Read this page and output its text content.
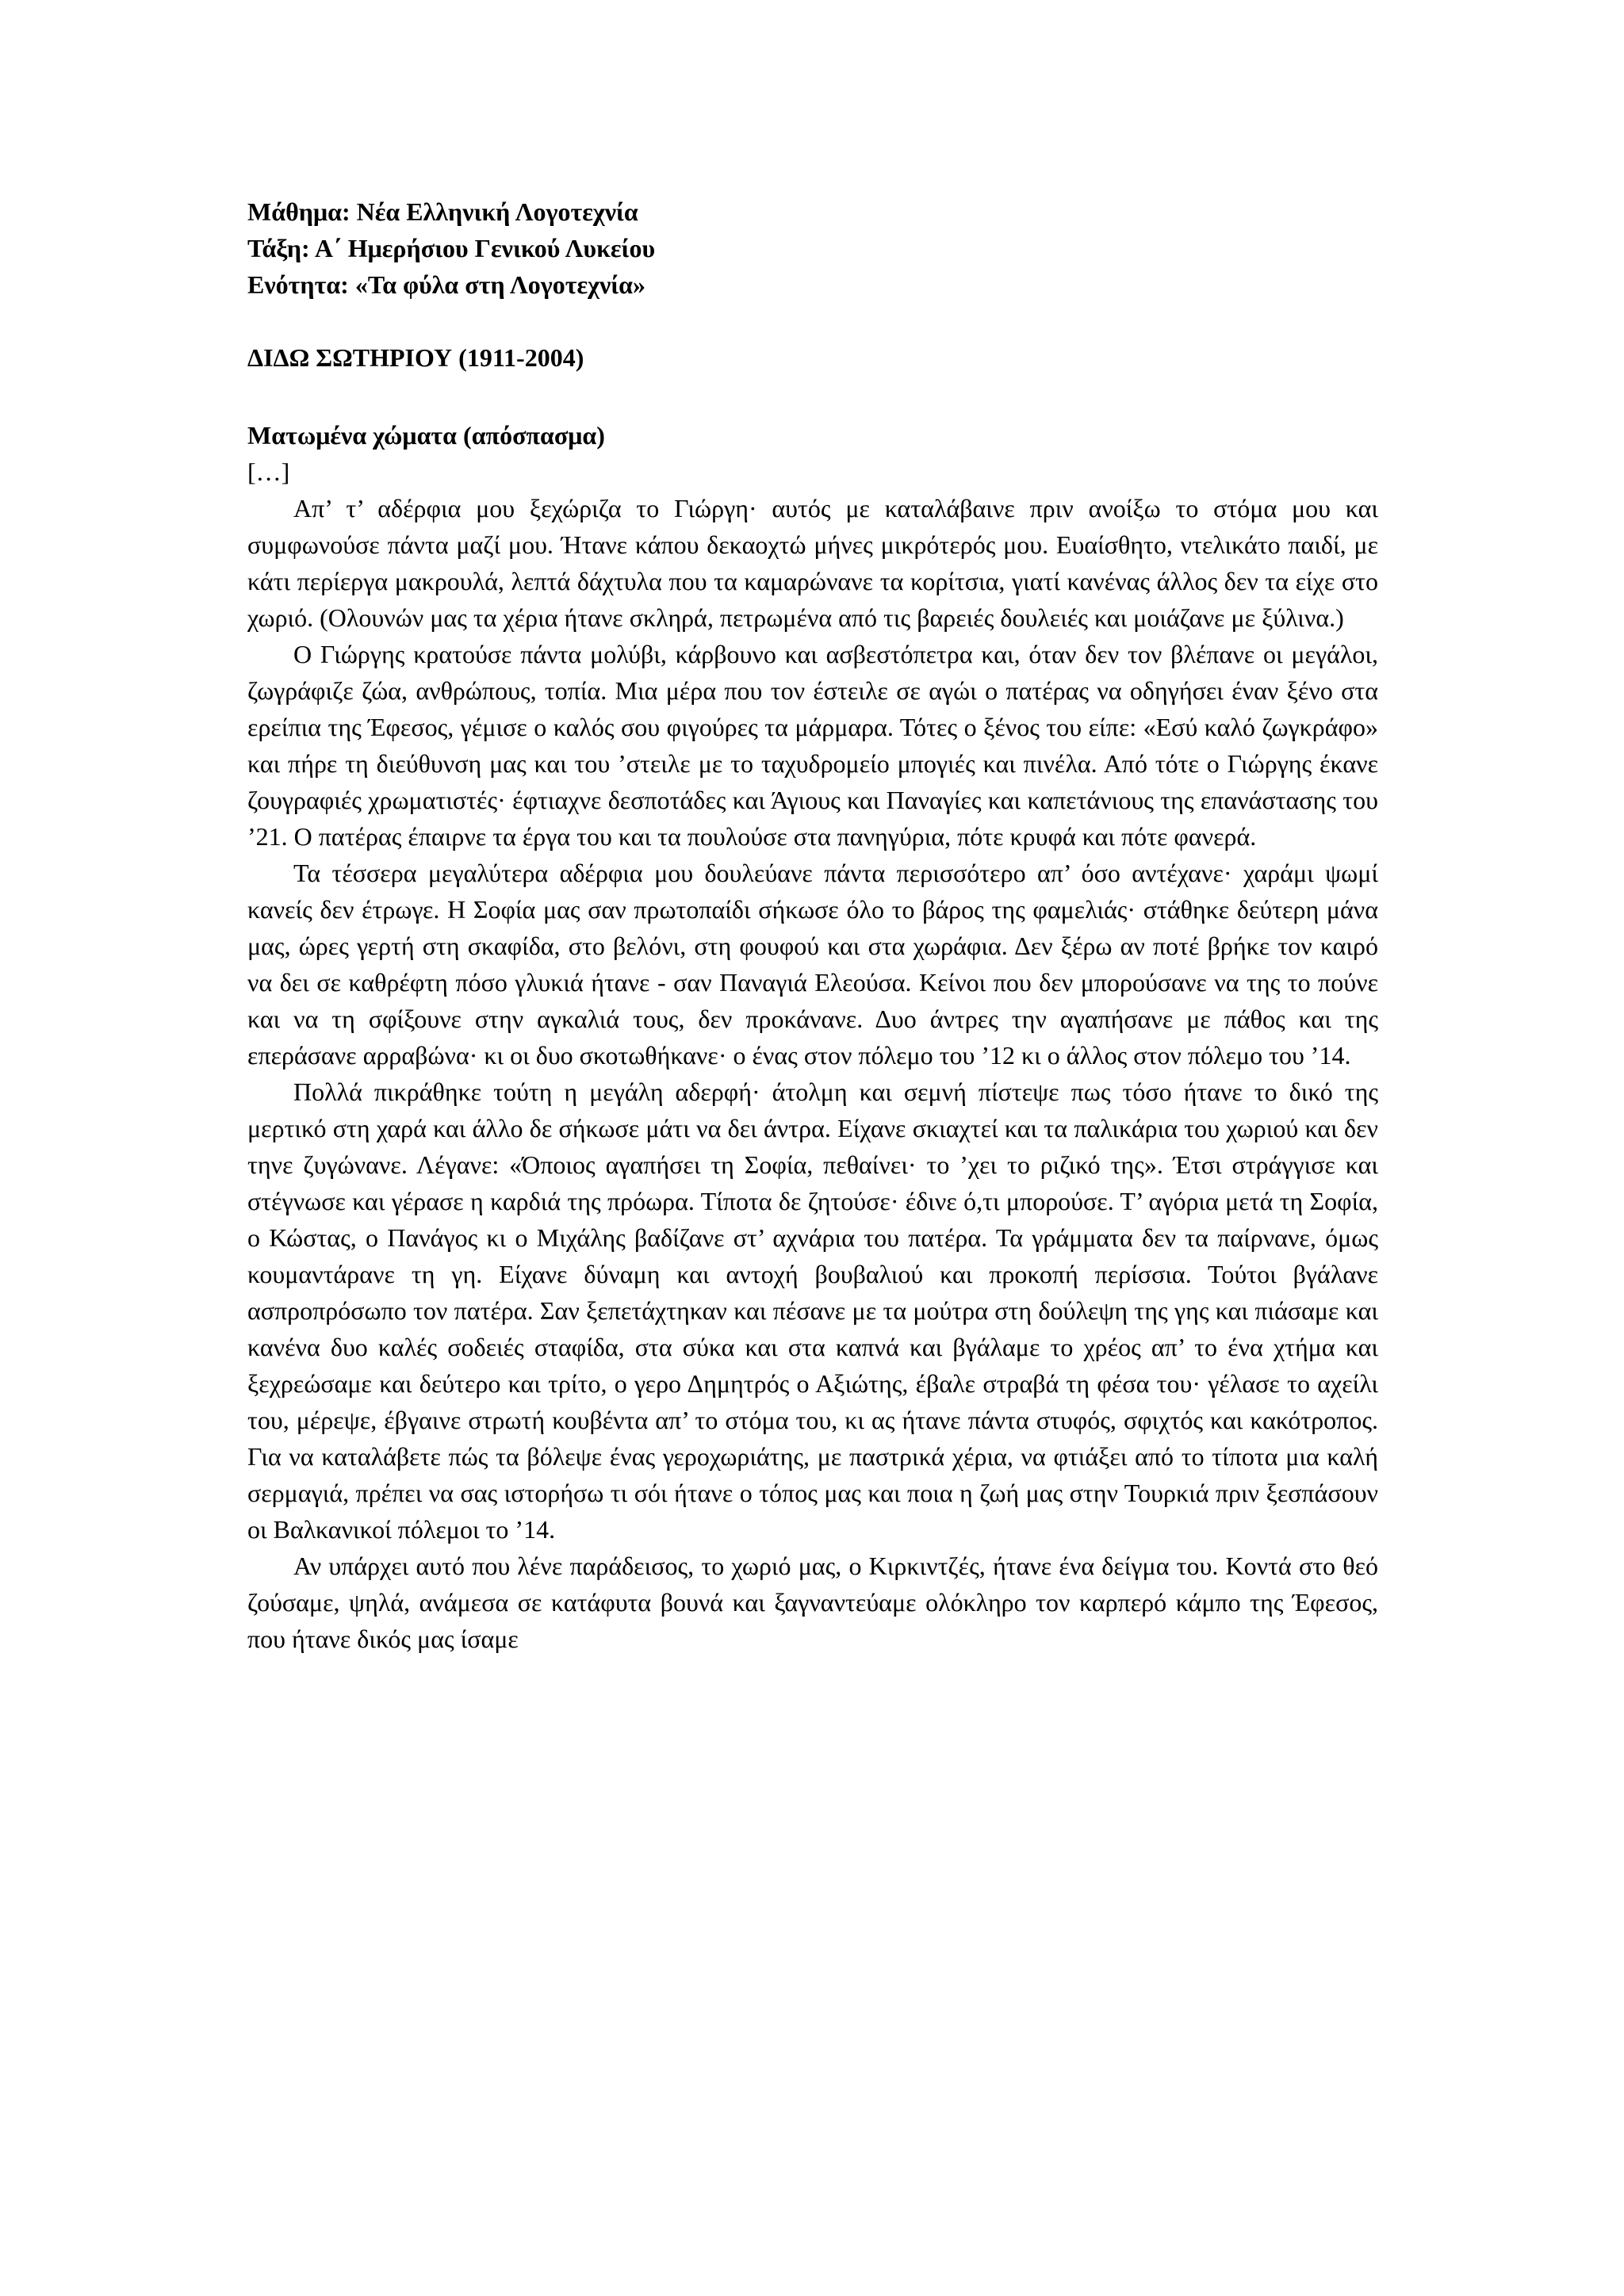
Μάθημα: Νέα Ελληνική Λογοτεχνία

Τάξη: Α΄ Ημερήσιου Γενικού Λυκείου

Ενότητα: «Τα φύλα στη Λογοτεχνία»

ΔΙΔΩ ΣΩΤΗΡΙΟΥ (1911-2004)

Ματωμένα χώματα (απόσπασμα)

[…]

Απ’ τ’ αδέρφια μου ξεχώριζα το Γιώργη· αυτός με καταλάβαινε πριν ανοίξω το στόμα μου και συμφωνούσε πάντα μαζί μου. Ήτανε κάπου δεκαοχτώ μήνες μικρότερός μου. Ευαίσθητο, ντελικάτο παιδί, με κάτι περίεργα μακρουλά, λεπτά δάχτυλα που τα καμαρώνανε τα κορίτσια, γιατί κανένας άλλος δεν τα είχε στο χωριό. (Ολουνών μας τα χέρια ήτανε σκληρά, πετρωμένα από τις βαρειές δουλειές και μοιάζανε με ξύλινα.)

Ο Γιώργης κρατούσε πάντα μολύβι, κάρβουνο και ασβεστόπετρα και, όταν δεν τον βλέπανε οι μεγάλοι, ζωγράφιζε ζώα, ανθρώπους, τοπία. Μια μέρα που τον έστειλε σε αγώι ο πατέρας να οδηγήσει έναν ξένο στα ερείπια της Έφεσος, γέμισε ο καλός σου φιγούρες τα μάρμαρα. Τότες ο ξένος του είπε: «Εσύ καλό ζωγκράφο» και πήρε τη διεύθυνση μας και του ’στειλε με το ταχυδρομείο μπογιές και πινέλα. Από τότε ο Γιώργης έκανε ζουγραφιές χρωματιστές· έφτιαχνε δεσποτάδες και Άγιους και Παναγίες και καπετάνιους της επανάστασης του ’21. Ο πατέρας έπαιρνε τα έργα του και τα πουλούσε στα πανηγύρια, πότε κρυφά και πότε φανερά.

Τα τέσσερα μεγαλύτερα αδέρφια μου δουλεύανε πάντα περισσότερο απ’ όσο αντέχανε· χαράμι ψωμί κανείς δεν έτρωγε. Η Σοφία μας σαν πρωτοπαίδι σήκωσε όλο το βάρος της φαμελιάς· στάθηκε δεύτερη μάνα μας, ώρες γερτή στη σκαφίδα, στο βελόνι, στη φουφού και στα χωράφια. Δεν ξέρω αν ποτέ βρήκε τον καιρό να δει σε καθρέφτη πόσο γλυκιά ήτανε - σαν Παναγιά Ελεούσα. Κείνοι που δεν μπορούσανε να της το πούνε και να τη σφίξουνε στην αγκαλιά τους, δεν προκάνανε. Δυο άντρες την αγαπήσανε με πάθος και της επεράσανε αρραβώνα· κι οι δυο σκοτωθήκανε· ο ένας στον πόλεμο του ’12 κι ο άλλος στον πόλεμο του ’14.

Πολλά πικράθηκε τούτη η μεγάλη αδερφή· άτολμη και σεμνή πίστεψε πως τόσο ήτανε το δικό της μερτικό στη χαρά και άλλο δε σήκωσε μάτι να δει άντρα. Είχανε σκιαχτεί και τα παλικάρια του χωριού και δεν τηνε ζυγώνανε. Λέγανε: «Όποιος αγαπήσει τη Σοφία, πεθαίνει· το ’χει το ριζικό της». Έτσι στράγγισε και στέγνωσε και γέρασε η καρδιά της πρόωρα. Τίποτα δε ζητούσε· έδινε ό,τι μπορούσε. Τ’ αγόρια μετά τη Σοφία, ο Κώστας, ο Πανάγος κι ο Μιχάλης βαδίζανε στ’ αχνάρια του πατέρα. Τα γράμματα δεν τα παίρνανε, όμως κουμαντάρανε τη γη. Είχανε δύναμη και αντοχή βουβαλιού και προκοπή περίσσια. Τούτοι βγάλανε ασπροπρόσωπο τον πατέρα. Σαν ξεπετάχτηκαν και πέσανε με τα μούτρα στη δούλεψη της γης και πιάσαμε και κανένα δυο καλές σοδειές σταφίδα, στα σύκα και στα καπνά και βγάλαμε το χρέος απ’ το ένα χτήμα και ξεχρεώσαμε και δεύτερο και τρίτο, ο γερο Δημητρός ο Αξιώτης, έβαλε στραβά τη φέσα του· γέλασε το αχείλι του, μέρεψε, έβγαινε στρωτή κουβέντα απ’ το στόμα του, κι ας ήτανε πάντα στυφός, σφιχτός και κακότροπος. Για να καταλάβετε πώς τα βόλεψε ένας γεροχωριάτης, με παστρικά χέρια, να φτιάξει από το τίποτα μια καλή σερμαγιά, πρέπει να σας ιστορήσω τι σόι ήτανε ο τόπος μας και ποια η ζωή μας στην Τουρκιά πριν ξεσπάσουν οι Βαλκανικοί πόλεμοι το ’14.

Αν υπάρχει αυτό που λένε παράδεισος, το χωριό μας, ο Κιρκιντζές, ήτανε ένα δείγμα του. Κοντά στο θεό ζούσαμε, ψηλά, ανάμεσα σε κατάφυτα βουνά και ξαγναντεύαμε ολόκληρο τον καρπερό κάμπο της Έφεσος, που ήτανε δικός μας ίσαμε
